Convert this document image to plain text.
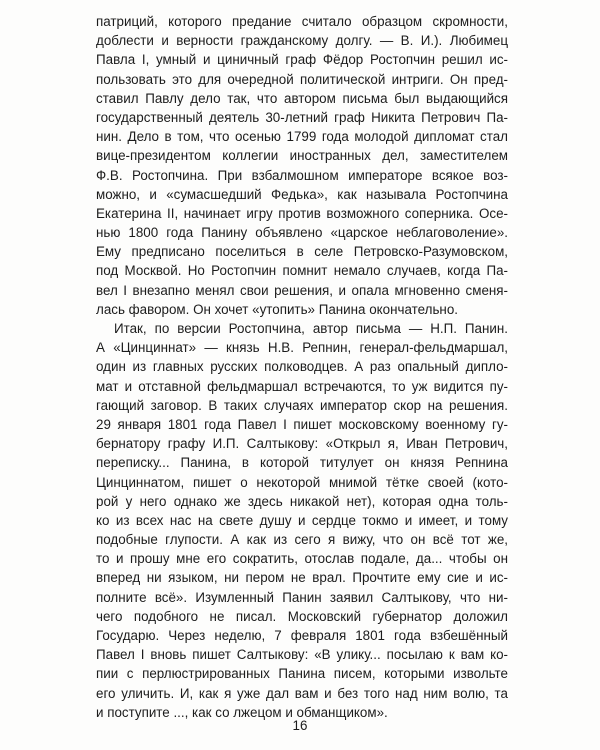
патриций, которого предание считало образцом скромности,
доблести и верности гражданскому долгу. — В. И.). Любимец
Павла I, умный и циничный граф Фёдор Ростопчин решил ис-
пользовать это для очередной политической интриги. Он пред-
ставил Павлу дело так, что автором письма был выдающийся
государственный деятель 30-летний граф Никита Петрович Па-
нин. Дело в том, что осенью 1799 года молодой дипломат стал
вице-президентом коллегии иностранных дел, заместителем
Ф.В. Ростопчина. При взбалмошном императоре всякое воз-
можно, и «сумасшедший Федька», как называла Ростопчина
Екатерина II, начинает игру против возможного соперника. Осе-
нью 1800 года Панину объявлено «царское неблаговоление».
Ему предписано поселиться в селе Петровско-Разумовском,
под Москвой. Но Ростопчин помнит немало случаев, когда Па-
вел I внезапно менял свои решения, и опала мгновенно сменя-
лась фавором. Он хочет «утопить» Панина окончательно.
Итак, по версии Ростопчина, автор письма — Н.П. Панин.
А «Цинциннат» — князь Н.В. Репнин, генерал-фельдмаршал,
один из главных русских полководцев. А раз опальный дипло-
мат и отставной фельдмаршал встречаются, то уж видится пу-
гающий заговор. В таких случаях император скор на решения.
29 января 1801 года Павел I пишет московскому военному гу-
бернатору графу И.П. Салтыкову: «Открыл я, Иван Петрович,
переписку... Панина, в которой титулует он князя Репнина
Цинциннатом, пишет о некоторой мнимой тётке своей (кото-
рой у него однако же здесь никакой нет), которая одна толь-
ко из всех нас на свете душу и сердце токмо и имеет, и тому
подобные глупости. А как из сего я вижу, что он всё тот же,
то и прошу мне его сократить, отослав подале, да... чтобы он
вперед ни языком, ни пером не врал. Прочтите ему сие и ис-
полните всё». Изумленный Панин заявил Салтыкову, что ни-
чего подобного не писал. Московский губернатор доложил
Государю. Через неделю, 7 февраля 1801 года взбешённый
Павел I вновь пишет Салтыкову: «В улику... посылаю к вам ко-
пии с перлюстрированных Панина писем, которыми извольте
его уличить. И, как я уже дал вам и без того над ним волю, та
и поступите ..., как со лжецом и обманщиком».
16
